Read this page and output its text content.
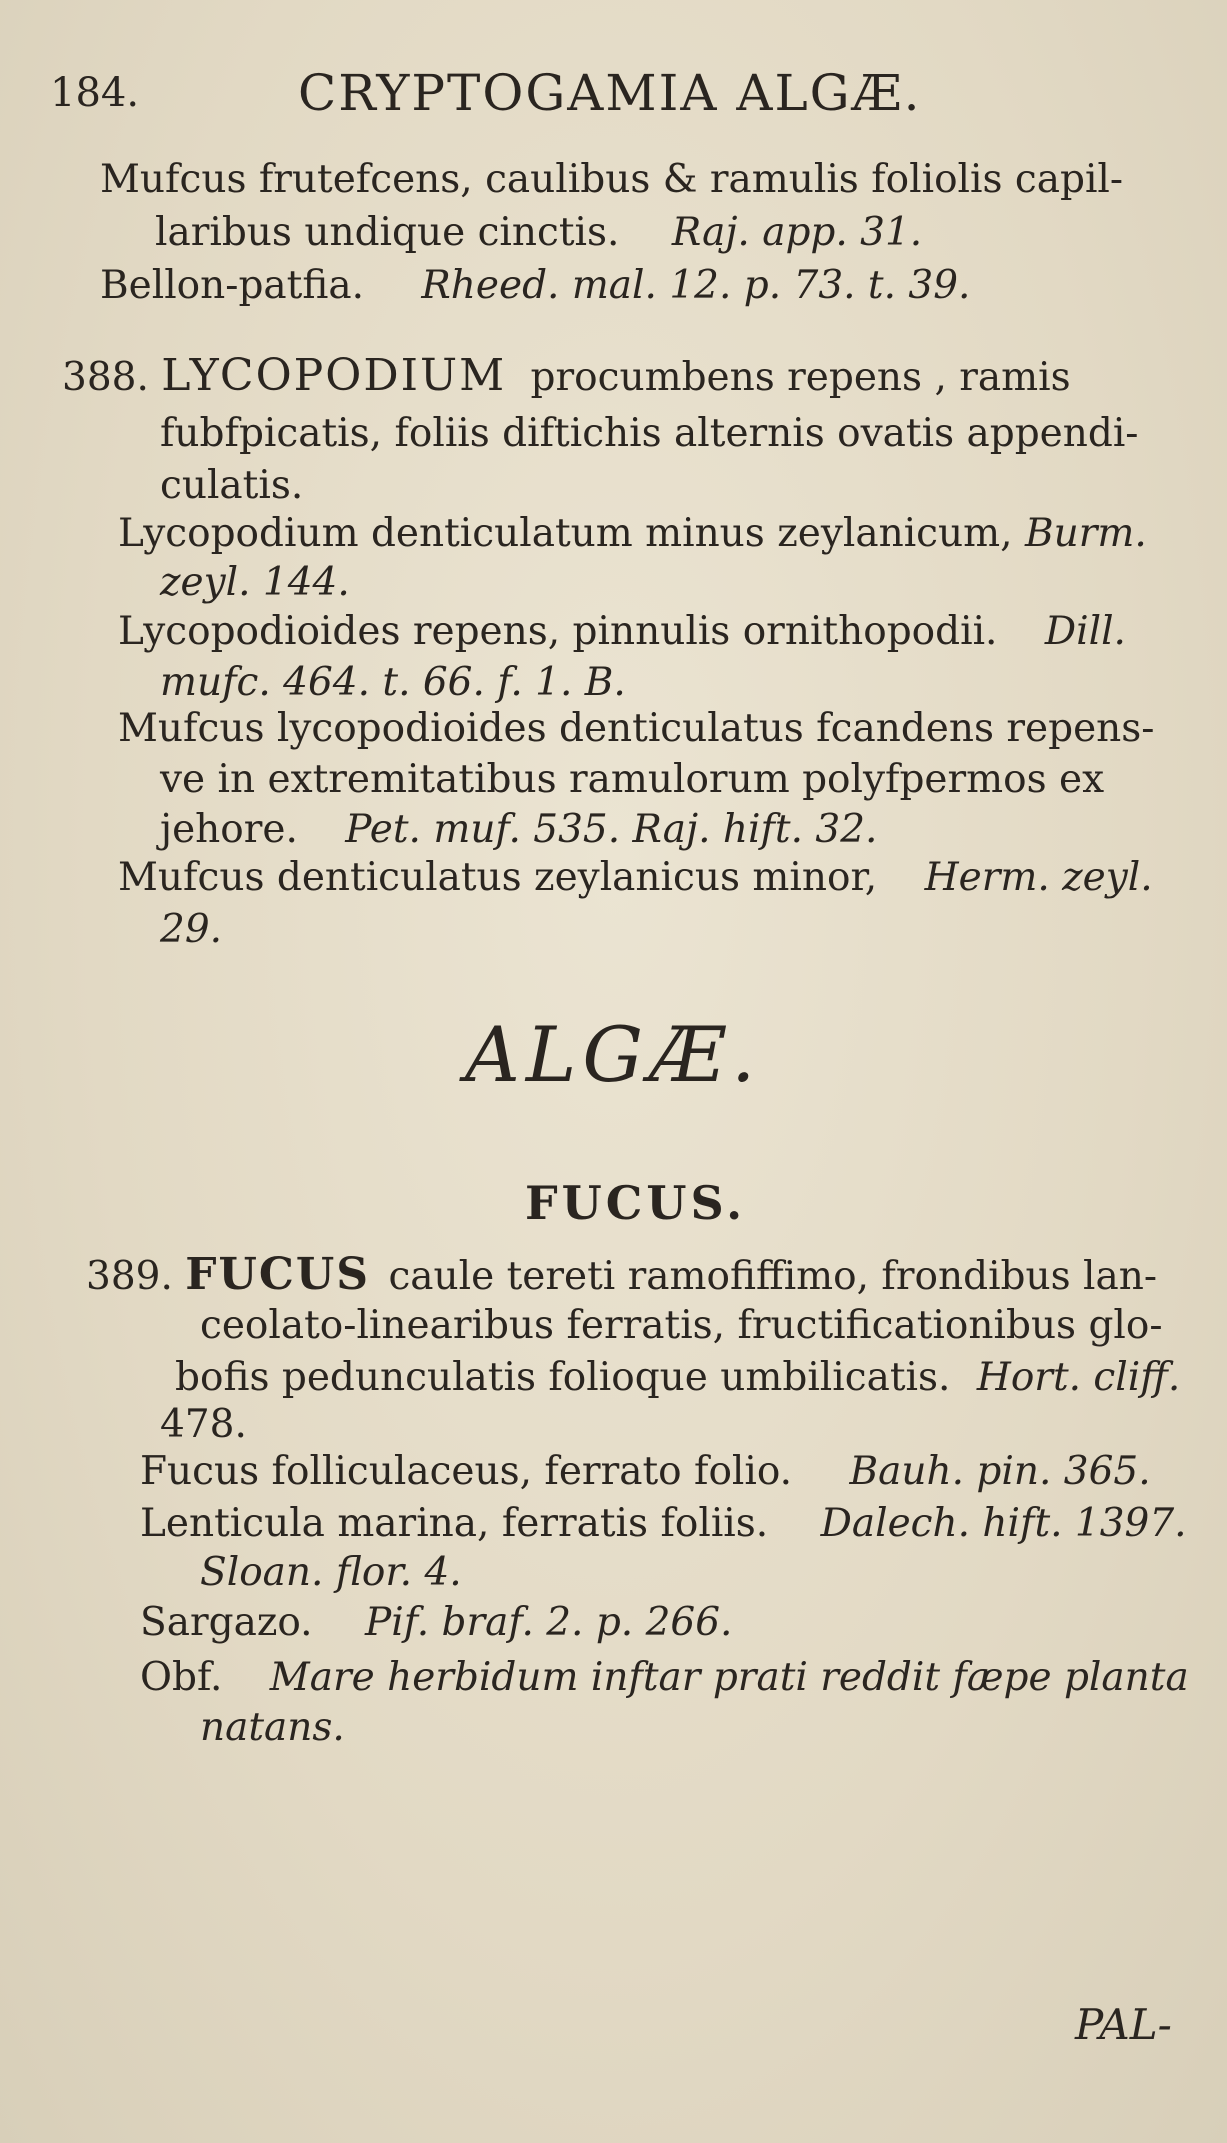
184.	CRYPTOGAMIA ALGÆ.
Mufcus frutefcens, caulibus & ramulis foliolis capil-
laribus undique cinctis. Raj. app. 31.
Bellon-patfia. Rheed. mal. 12. p. 73. t. 39.
388. LYCOPODIUM procumbens repens , ramis
fubfpicatis, foliis diftichis alternis ovatis appendi-
culatis.
Lycopodium denticulatum minus zeylanicum, Burm.
zeyl. 144.
Lycopodioides repens, pinnulis ornithopodii. Dill.
mufc. 464. t. 66. f. 1. B.
Mufcus lycopodioides denticulatus fcandens repens-
ve in extremitatibus ramulorum polyfpermos ex
jehore. Pet. muf. 535. Raj. hift. 32.
Mufcus denticulatus zeylanicus minor, Herm. zeyl.
29.
ALGÆ.
FUCUS.
389. FUCUS caule tereti ramofiffimo, frondibus lan-
ceolato-linearibus ferratis, fructificationibus glo-
bofis pedunculatis folioque umbilicatis. Hort. cliff.
478.
Fucus folliculaceus, ferrato folio. Bauh. pin. 365.
Lenticula marina, ferratis foliis. Dalech. hift. 1397.
Sloan. flor. 4.
Sargazo. Pif. braf. 2. p. 266.
Obf. Mare herbidum inftar prati reddit fæpe planta
natans.
PAL-
